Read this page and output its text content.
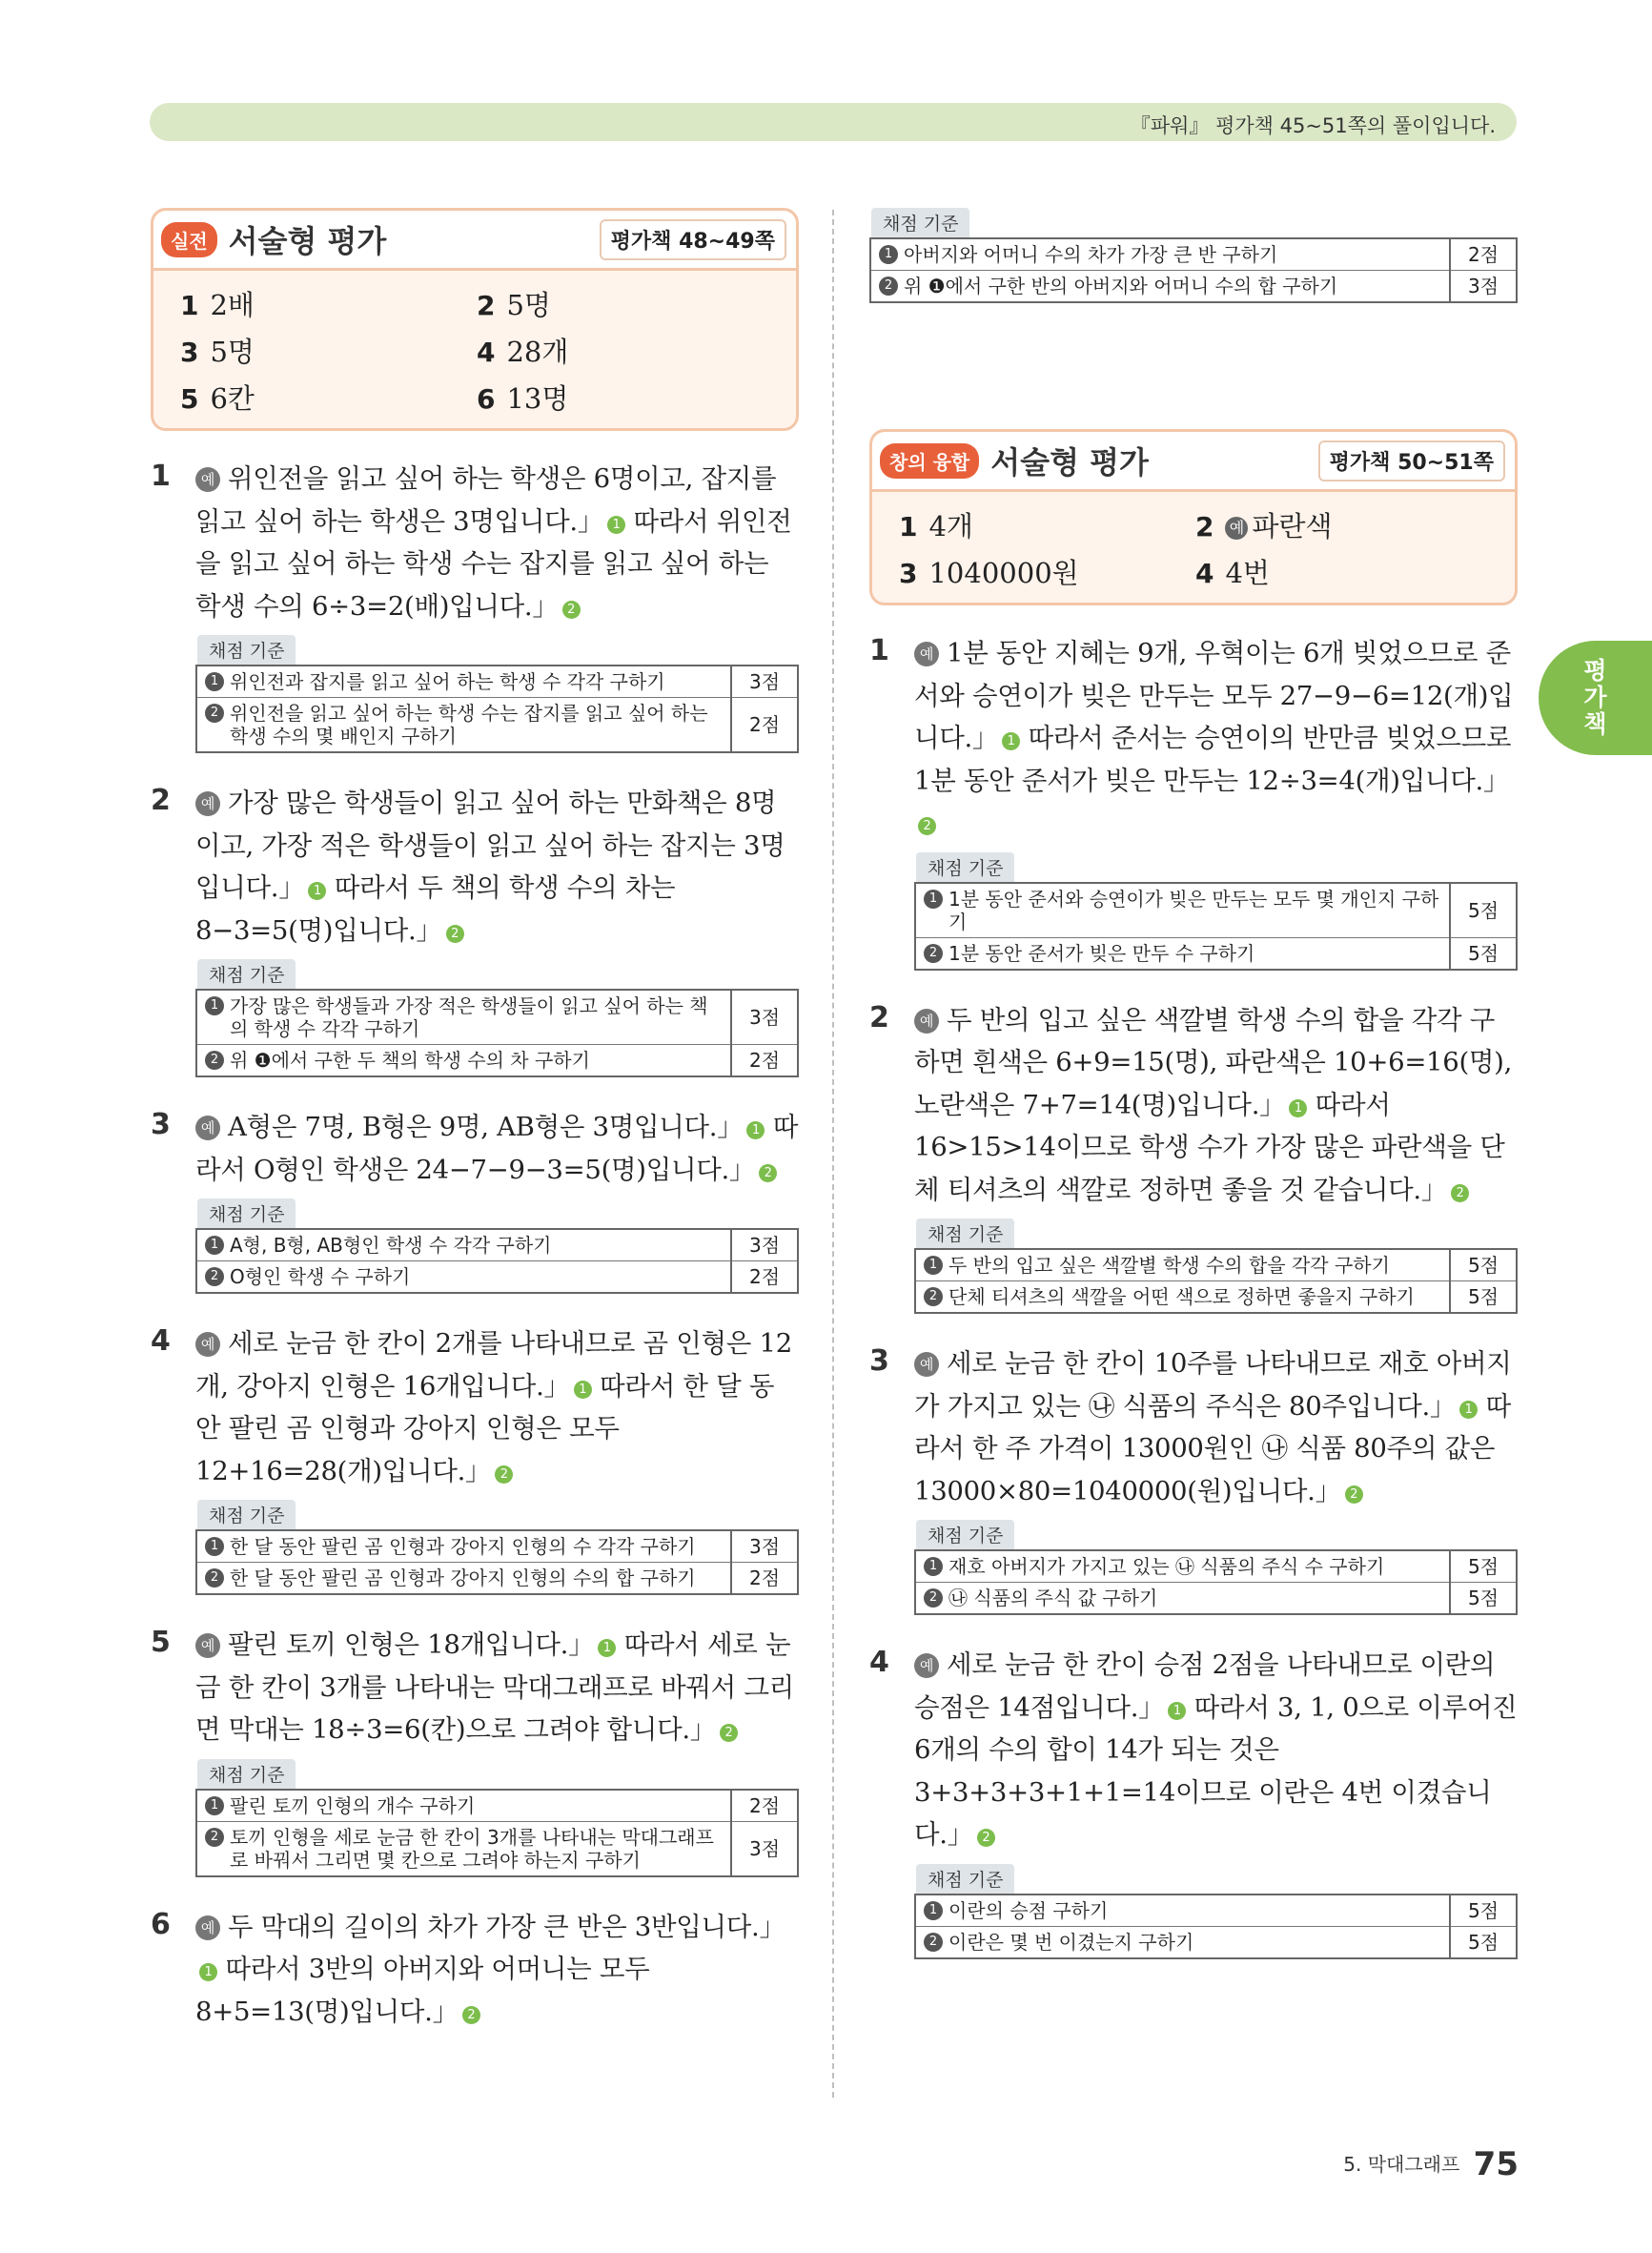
『파워』 평가책 45~51쪽의 풀이입니다.
실전 서술형 평가	평가책 48~49쪽
1 2배	2 5명
3 5명	4 28개
5 6칸	6 13명
1	예 위인전을 읽고 싶어 하는 학생은 6명이고, 잡지를 읽고 싶어 하는 학생은 3명입니다.」 1 따라서 위인전을 읽고 싶어 하는 학생 수는 잡지를 읽고 싶어 하는 학생 수의 6÷3=2(배)입니다.」 2
채점 기준
1 위인전과 잡지를 읽고 싶어 하는 학생 수 각각 구하기	3점

2 위인전을 읽고 싶어 하는 학생 수는 잡지를 읽고 싶어 하는 학생 수의 몇 배인지 구하기	2점
2	예 가장 많은 학생들이 읽고 싶어 하는 만화책은 8명이고, 가장 적은 학생들이 읽고 싶어 하는 잡지는 3명입니다.」 1 따라서 두 책의 학생 수의 차는 8−3=5(명)입니다.」 2
채점 기준
1 가장 많은 학생들과 가장 적은 학생들이 읽고 싶어 하는 책의 학생 수 각각 구하기	3점

2 위 ❶에서 구한 두 책의 학생 수의 차 구하기	2점
3	예 A형은 7명, B형은 9명, AB형은 3명입니다.」 1 따라서 O형인 학생은 24−7−9−3=5(명)입니다.」 2
채점 기준
1 A형, B형, AB형인 학생 수 각각 구하기	3점

2 O형인 학생 수 구하기	2점
4	예 세로 눈금 한 칸이 2개를 나타내므로 곰 인형은 12개, 강아지 인형은 16개입니다.」 1 따라서 한 달 동안 팔린 곰 인형과 강아지 인형은 모두 12+16=28(개)입니다.」 2
채점 기준
1 한 달 동안 팔린 곰 인형과 강아지 인형의 수 각각 구하기	3점

2 한 달 동안 팔린 곰 인형과 강아지 인형의 수의 합 구하기	2점
5	예 팔린 토끼 인형은 18개입니다.」 1 따라서 세로 눈금 한 칸이 3개를 나타내는 막대그래프로 바꿔서 그리면 막대는 18÷3=6(칸)으로 그려야 합니다.」 2
채점 기준
1 팔린 토끼 인형의 개수 구하기	2점

2 토끼 인형을 세로 눈금 한 칸이 3개를 나타내는 막대그래프로 바꿔서 그리면 몇 칸으로 그려야 하는지 구하기	3점
6	예 두 막대의 길이의 차가 가장 큰 반은 3반입니다.」1 따라서 3반의 아버지와 어머니는 모두 8+5=13(명)입니다.」 2
채점 기준
1 아버지와 어머니 수의 차가 가장 큰 반 구하기	2점

2 위 ❶에서 구한 반의 아버지와 어머니 수의 합 구하기	3점
창의 융합 서술형 평가	평가책 50~51쪽
1 4개	2 예 파란색
3 1040000원	4 4번
1	예 1분 동안 지혜는 9개, 우혁이는 6개 빚었으므로 준서와 승연이가 빚은 만두는 모두 27−9−6=12(개)입니다.」 1 따라서 준서는 승연이의 반만큼 빚었으므로 1분 동안 준서가 빚은 만두는 12÷3=4(개)입니다.」2
채점 기준
1 1분 동안 준서와 승연이가 빚은 만두는 모두 몇 개인지 구하기	5점

2 1분 동안 준서가 빚은 만두 수 구하기	5점
2	예 두 반의 입고 싶은 색깔별 학생 수의 합을 각각 구하면 흰색은 6+9=15(명), 파란색은 10+6=16(명), 노란색은 7+7=14(명)입니다.」 1 따라서 16>15>14이므로 학생 수가 가장 많은 파란색을 단체 티셔츠의 색깔로 정하면 좋을 것 같습니다.」 2
채점 기준
1 두 반의 입고 싶은 색깔별 학생 수의 합을 각각 구하기	5점

2 단체 티셔츠의 색깔을 어떤 색으로 정하면 좋을지 구하기	5점
3	예 세로 눈금 한 칸이 10주를 나타내므로 재호 아버지가 가지고 있는 ㉯ 식품의 주식은 80주입니다.」 1 따라서 한 주 가격이 13000원인 ㉯ 식품 80주의 값은 13000×80=1040000(원)입니다.」 2
채점 기준
1 재호 아버지가 가지고 있는 ㉯ 식품의 주식 수 구하기	5점

2 ㉯ 식품의 주식 값 구하기	5점
4	예 세로 눈금 한 칸이 승점 2점을 나타내므로 이란의 승점은 14점입니다.」 1 따라서 3, 1, 0으로 이루어진 6개의 수의 합이 14가 되는 것은 3+3+3+3+1+1=14이므로 이란은 4번 이겼습니다.」 2
채점 기준
1 이란의 승점 구하기	5점

2 이란은 몇 번 이겼는지 구하기	5점
평
가
책
5. 막대그래프 75
